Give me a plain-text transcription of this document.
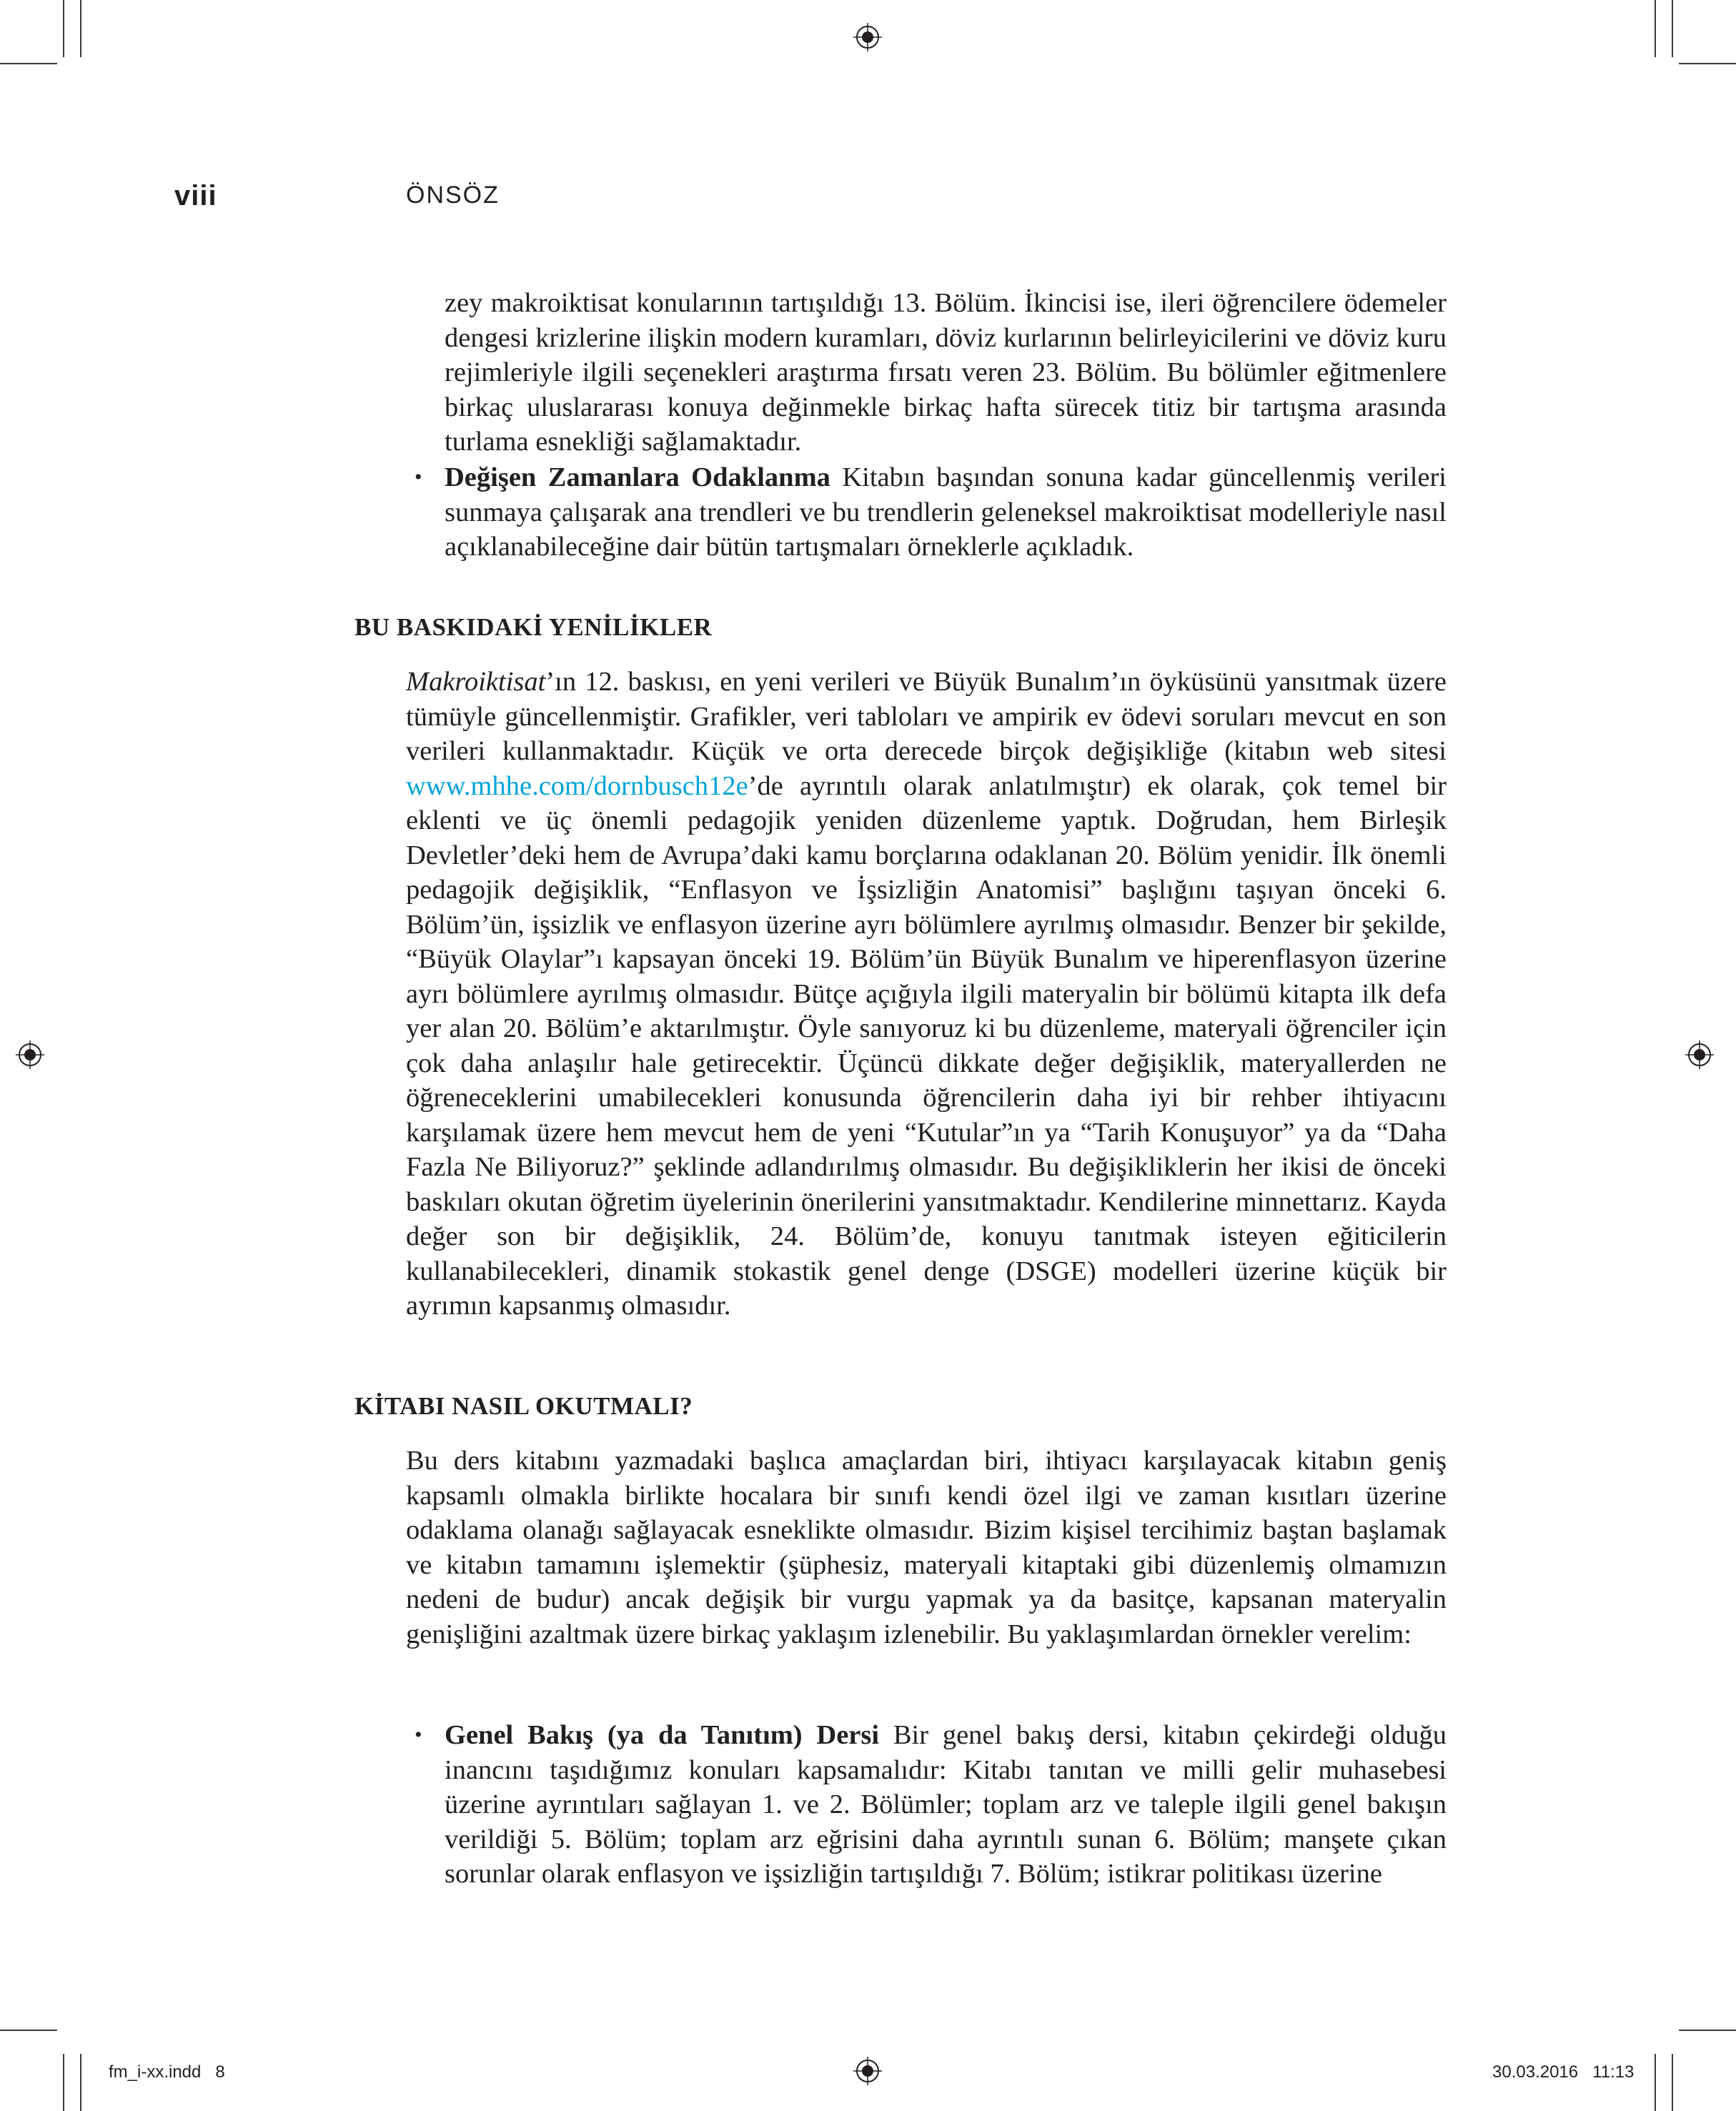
viii	ÖNSÖZ

zey makroiktisat konularının tartışıldığı 13. Bölüm. İkincisi ise, ileri öğrencilere ödemeler dengesi krizlerine ilişkin modern kuramları, döviz kurlarının belirleyicilerini ve döviz kuru rejimleriyle ilgili seçenekleri araştırma fırsatı veren 23. Bölüm. Bu bölümler eğitmenlere birkaç uluslararası konuya değinmekle birkaç hafta sürecek titiz bir tartışma arasında turlama esnekliği sağlamaktadır.

• Değişen Zamanlara Odaklanma Kitabın başından sonuna kadar güncellenmiş verileri sunmaya çalışarak ana trendleri ve bu trendlerin geleneksel makroiktisat modelleriyle nasıl açıklanabileceğine dair bütün tartışmaları örneklerle açıkladık.
BU BASKIDAKİ YENİLİKLER

Makroiktisat’ın 12. baskısı, en yeni verileri ve Büyük Bunalım’ın öyküsünü yansıtmak üzere tümüyle güncellenmiştir. Grafikler, veri tabloları ve ampirik ev ödevi soruları mevcut en son verileri kullanmaktadır. Küçük ve orta derecede birçok değişikliğe (kitabın web sitesi www.mhhe.com/dornbusch12e’de ayrıntılı olarak anlatılmıştır) ek olarak, çok temel bir eklenti ve üç önemli pedagojik yeniden düzenleme yaptık. Doğrudan, hem Birleşik Devletler’deki hem de Avrupa’daki kamu borçlarına odaklanan 20. Bölüm yenidir. İlk önemli pedagojik değişiklik, “Enflasyon ve İşsizliğin Anatomisi” başlığını taşıyan önceki 6. Bölüm’ün, işsizlik ve enflasyon üzerine ayrı bölümlere ayrılmış olmasıdır. Benzer bir şekilde, “Büyük Olaylar”ı kapsayan önceki 19. Bölüm’ün Büyük Bunalım ve hiperenflasyon üzerine ayrı bölümlere ayrılmış olmasıdır. Bütçe açığıyla ilgili materyalin bir bölümü kitapta ilk defa yer alan 20. Bölüm’e aktarılmıştır. Öyle sanıyoruz ki bu düzenleme, materyali öğrenciler için çok daha anlaşılır hale getirecektir. Üçüncü dikkate değer değişiklik, materyallerden ne öğreneceklerini umabilecekleri konusunda öğrencilerin daha iyi bir rehber ihtiyacını karşılamak üzere hem mevcut hem de yeni “Kutular”ın ya “Tarih Konuşuyor” ya da “Daha Fazla Ne Biliyoruz?” şeklinde adlandırılmış olmasıdır. Bu değişikliklerin her ikisi de önceki baskıları okutan öğretim üyelerinin önerilerini yansıtmaktadır. Kendilerine minnettarız. Kayda değer son bir değişiklik, 24. Bölüm’de, konuyu tanıtmak isteyen eğiticilerin kullanabilecekleri, dinamik stokastik genel denge (DSGE) modelleri üzerine küçük bir ayrımın kapsanmış olmasıdır.

KİTABI NASIL OKUTMALI?

Bu ders kitabını yazmadaki başlıca amaçlardan biri, ihtiyacı karşılayacak kitabın geniş kapsamlı olmakla birlikte hocalara bir sınıfı kendi özel ilgi ve zaman kısıtları üzerine odaklama olanağı sağlayacak esneklikte olmasıdır. Bizim kişisel tercihimiz baştan başlamak ve kitabın tamamını işlemektir (şüphesiz, materyali kitaptaki gibi düzenlemiş olmamızın nedeni de budur) ancak değişik bir vurgu yapmak ya da basitçe, kapsanan materyalin genişliğini azaltmak üzere birkaç yaklaşım izlenebilir. Bu yaklaşımlardan örnekler verelim:

• Genel Bakış (ya da Tanıtım) Dersi Bir genel bakış dersi, kitabın çekirdeği olduğu inancını taşıdığımız konuları kapsamalıdır: Kitabı tanıtan ve milli gelir muhasebesi üzerine ayrıntıları sağlayan 1. ve 2. Bölümler; toplam arz ve taleple ilgili genel bakışın verildiği 5. Bölüm; toplam arz eğrisini daha ayrıntılı sunan 6. Bölüm; manşete çıkan sorunlar olarak enflasyon ve işsizliğin tartışıldığı 7. Bölüm; istikrar politikası üzerine
fm_i-xx.indd   8	30.03.2016   11:13
